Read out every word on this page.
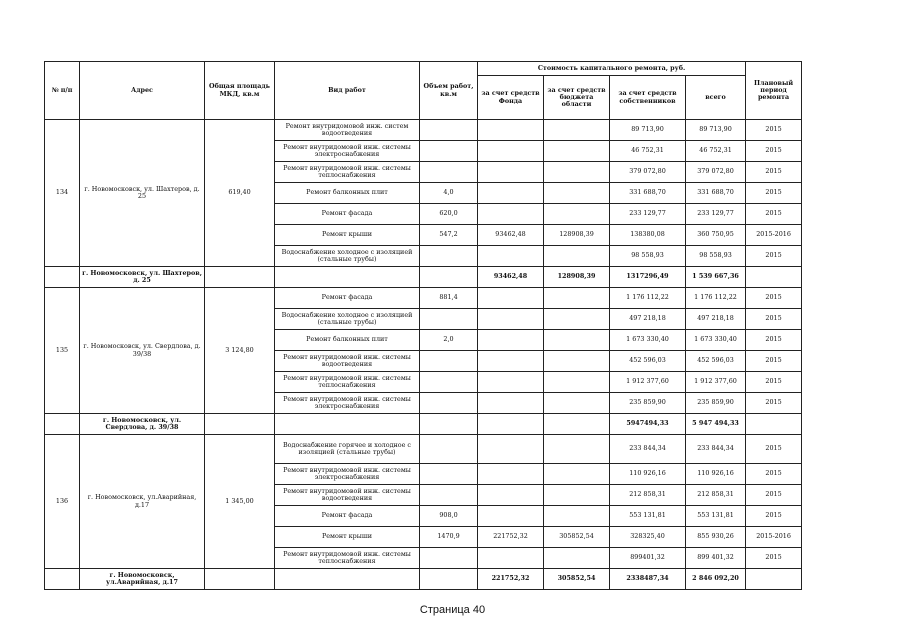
№ п/п	Адрес	Общая площадь МКД, кв.м	Вид работ	Объем работ, кв.м	Стоимость капитального ремонта, руб.				Плановый период ремонта
					за счет средств Фонда	за счет средств бюджета области	за счет средств собственников	всего	
134	г. Новомосковск, ул. Шахтеров, д. 25	619,40	Ремонт внутридомовой инж. систем водоотведения				89 713,90	89 713,90	2015
			Ремонт внутридомовой инж. системы электроснабжения				46 752,31	46 752,31	2015
			Ремонт внутридомовой инж. системы теплоснабжения				379 072,80	379 072,80	2015
			Ремонт балконных плит	4,0			331 688,70	331 688,70	2015
			Ремонт фасада	620,0			233 129,77	233 129,77	2015
			Ремонт крыши	547,2	93462,48	128908,39	138380,08	360 750,95	2015-2016
			Водоснабжение холодное с изоляцией (стальные трубы)				98 558,93	98 558,93	2015
	г. Новомосковск, ул. Шахтеров, д. 25				93462,48	128908,39	1317296,49	1 539 667,36	
135	г. Новомосковск, ул. Свердлова, д. 39/38	3 124,80	Ремонт фасада	881,4			1 176 112,22	1 176 112,22	2015
			Водоснабжение холодное с изоляцией (стальные трубы)				497 218,18	497 218,18	2015
			Ремонт балконных плит	2,0			1 673 330,40	1 673 330,40	2015
			Ремонт внутридомовой инж. системы водоотведения				452 596,03	452 596,03	2015
			Ремонт внутридомовой инж. системы теплоснабжения				1 912 377,60	1 912 377,60	2015
			Ремонт внутридомовой инж. системы электроснабжения				235 859,90	235 859,90	2015
	г. Новомосковск, ул. Свердлова, д. 39/38						5947494,33	5 947 494,33	
136	г. Новомосковск, ул.Аварийная, д.17	1 345,00	Водоснабжение горячее и холодное с изоляцией (стальные трубы)				233 844,34	233 844,34	2015
			Ремонт внутридомовой инж. системы электроснабжения				110 926,16	110 926,16	2015
			Ремонт внутридомовой инж. системы водоотведения				212 858,31	212 858,31	2015
			Ремонт фасада	908,0			553 131,81	553 131,81	2015
			Ремонт крыши	1470,9	221752,32	305852,54	328325,40	855 930,26	2015-2016
			Ремонт внутридомовой инж. системы теплоснабжения				899401,32	899 401,32	2015
	г. Новомосковск, ул.Аварийная, д.17				221752,32	305852,54	2338487,34	2 846 092,20	
Страница 40
